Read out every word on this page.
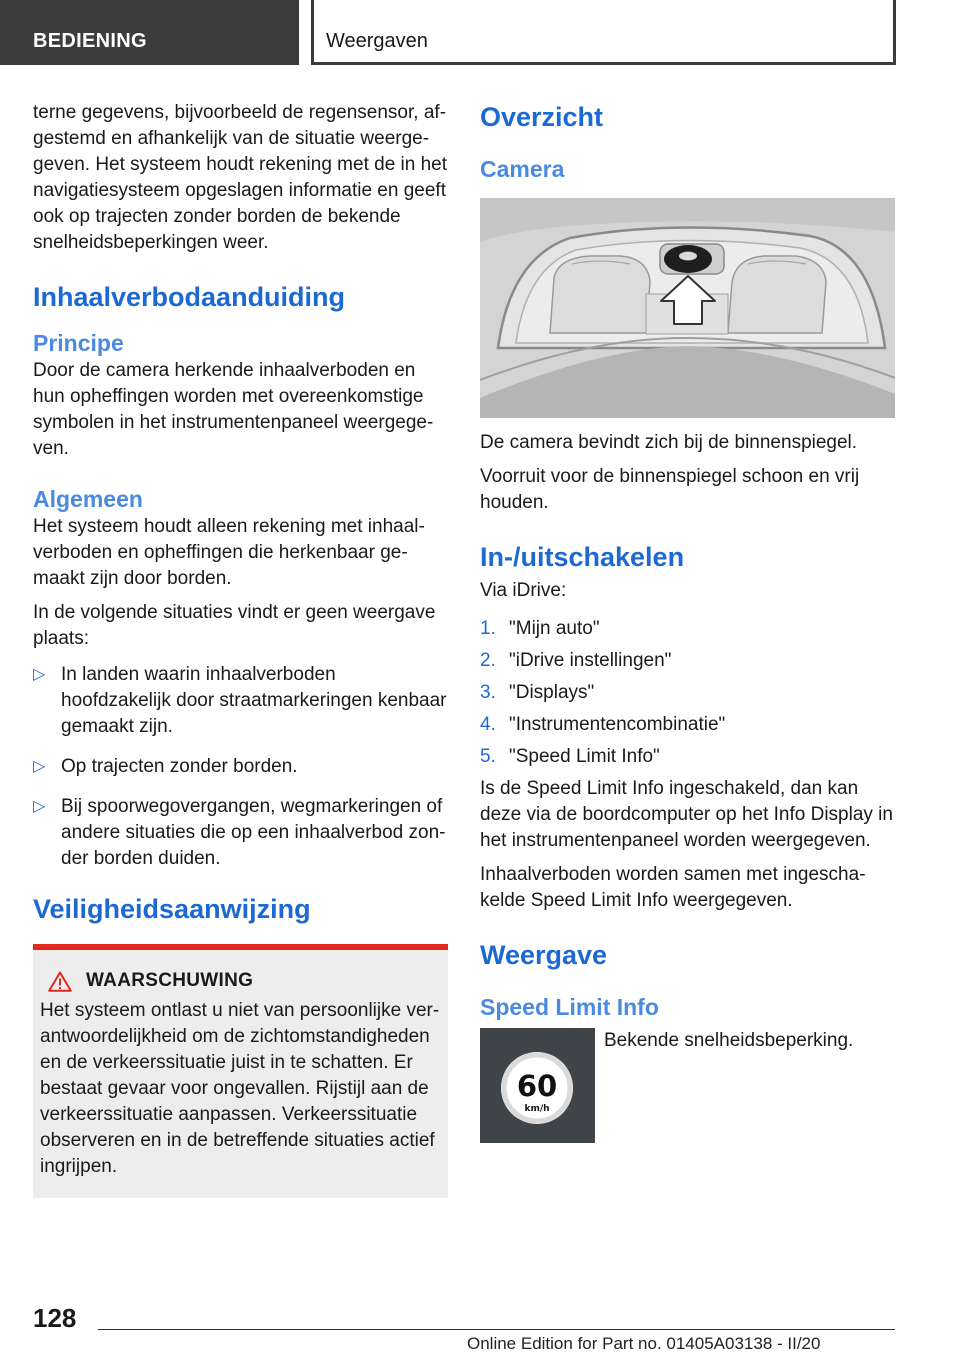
BEDIENING	Weergaven

terne gegevens, bijvoorbeeld de regensensor, afgestemd en afhankelijk van de situatie weergegeven. Het systeem houdt rekening met de in het navigatiesysteem opgeslagen informatie en geeft ook op trajecten zonder borden de bekende snelheidsbeperkingen weer.

Inhaalverbodaanduiding
Principe

Door de camera herkende inhaalverboden en hun opheffingen worden met overeenkomstige symbolen in het instrumentenpaneel weergegeven.

Algemeen

Het systeem houdt alleen rekening met inhaalverboden en opheffingen die herkenbaar gemaakt zijn door borden.

In de volgende situaties vindt er geen weergave plaats:

▷ In landen waarin inhaalverboden hoofdzakelijk door straatmarkeringen kenbaar gemaakt zijn.
▷ Op trajecten zonder borden.
▷ Bij spoorwegovergangen, wegmarkeringen of andere situaties die op een inhaalverbod zonder borden duiden.
Veiligheidsaanwijzing
WAARSCHUWING

Het systeem ontlast u niet van persoonlijke verantwoordelijkheid om de zichtomstandigheden en de verkeerssituatie juist in te schatten. Er bestaat gevaar voor ongevallen. Rijstijl aan de verkeerssituatie aanpassen. Verkeerssituatie observeren en in de betreffende situaties actief ingrijpen.

Overzicht
Camera

De camera bevindt zich bij de binnenspiegel.

Voorruit voor de binnenspiegel schoon en vrij houden.

In-/uitschakelen

Via iDrive:

1. "Mijn auto"
2. "iDrive instellingen"
3. "Displays"
4. "Instrumentencombinatie"
5. "Speed Limit Info"

Is de Speed Limit Info ingeschakeld, dan kan deze via de boordcomputer op het Info Display in het instrumentenpaneel worden weergegeven.

Inhaalverboden worden samen met ingeschakelde Speed Limit Info weergegeven.

Weergave
Speed Limit Info
60
km/h

Bekende snelheidsbeperking.

128
Online Edition for Part no. 01405A03138 - II/20
